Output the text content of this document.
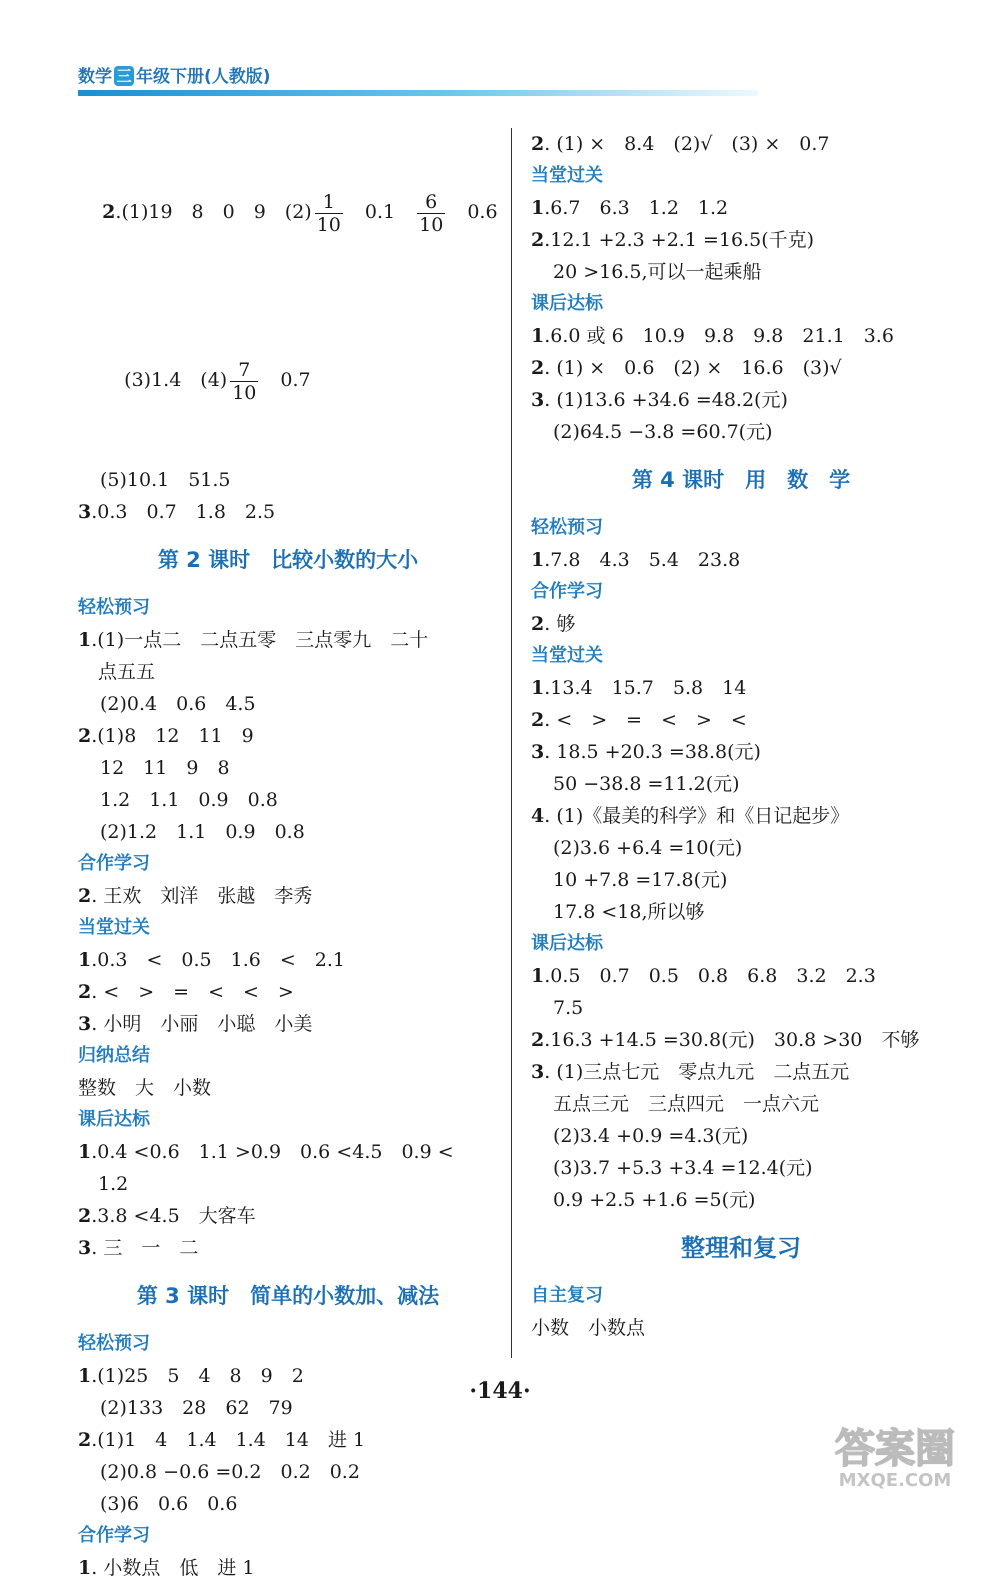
数学 三 年级下册(人教版)

2.(1)19　8　0　9　$(2) \frac{1}{10}$ 　0.1　 $\frac{6}{10}$ 　0.6

(3)1.4　$(4) \frac{7}{10}$ 　0.7

(5)10.1　51.5
3.0.3　0.7　1.8　2.5
第 2 课时　比较小数的大小
轻松预习
1.(1)一点二　二点五零　三点零九　二十
点五五
(2)0.4　0.6　4.5
2.(1)8　12　11　9
12　11　9　8
1.2　1.1　0.9　0.8
(2)1.2　1.1　0.9　0.8
合作学习
2. 王欢　刘洋　张越　李秀
当堂过关
1.0.3　<　0.5　1.6　<　2.1
2. <　>　=　<　<　>
3. 小明　小丽　小聪　小美
归纳总结
整数　大　小数
课后达标
1.0.4 <0.6　1.1 >0.9　0.6 <4.5　0.9 <
1.2
2.3.8 <4.5　大客车
3. 三　一　二
第 3 课时　简单的小数加、减法
轻松预习
1.(1)25　5　4　8　9　2
(2)133　28　62　79
2.(1)1　4　1.4　1.4　14　进 1
(2)0.8 −0.6 =0.2　0.2　0.2
(3)6　0.6　0.6
合作学习
1. 小数点　低　进 1
2. (1) ×　8.4　(2)√　(3) ×　0.7
当堂过关
1.6.7　6.3　1.2　1.2
2.12.1 +2.3 +2.1 =16.5(千克)
20 >16.5,可以一起乘船
课后达标
1.6.0 或 6　10.9　9.8　9.8　21.1　3.6
2. (1) ×　0.6　(2) ×　16.6　(3)√
3. (1)13.6 +34.6 =48.2(元)
(2)64.5 −3.8 =60.7(元)
第 4 课时　用　数　学
轻松预习
1.7.8　4.3　5.4　23.8
合作学习
2. 够
当堂过关
1.13.4　15.7　5.8　14
2. <　>　=　<　>　<
3. 18.5 +20.3 =38.8(元)
50 −38.8 =11.2(元)
4. (1)《最美的科学》和《日记起步》
(2)3.6 +6.4 =10(元)
10 +7.8 =17.8(元)
17.8 <18,所以够
课后达标
1.0.5　0.7　0.5　0.8　6.8　3.2　2.3
7.5
2.16.3 +14.5 =30.8(元)　30.8 >30　不够
3. (1)三点七元　零点九元　二点五元
五点三元　三点四元　一点六元
(2)3.4 +0.9 =4.3(元)
(3)3.7 +5.3 +3.4 =12.4(元)
0.9 +2.5 +1.6 =5(元)
整理和复习
自主复习
小数　小数点
·144·
答案圈
MXQE.COM
